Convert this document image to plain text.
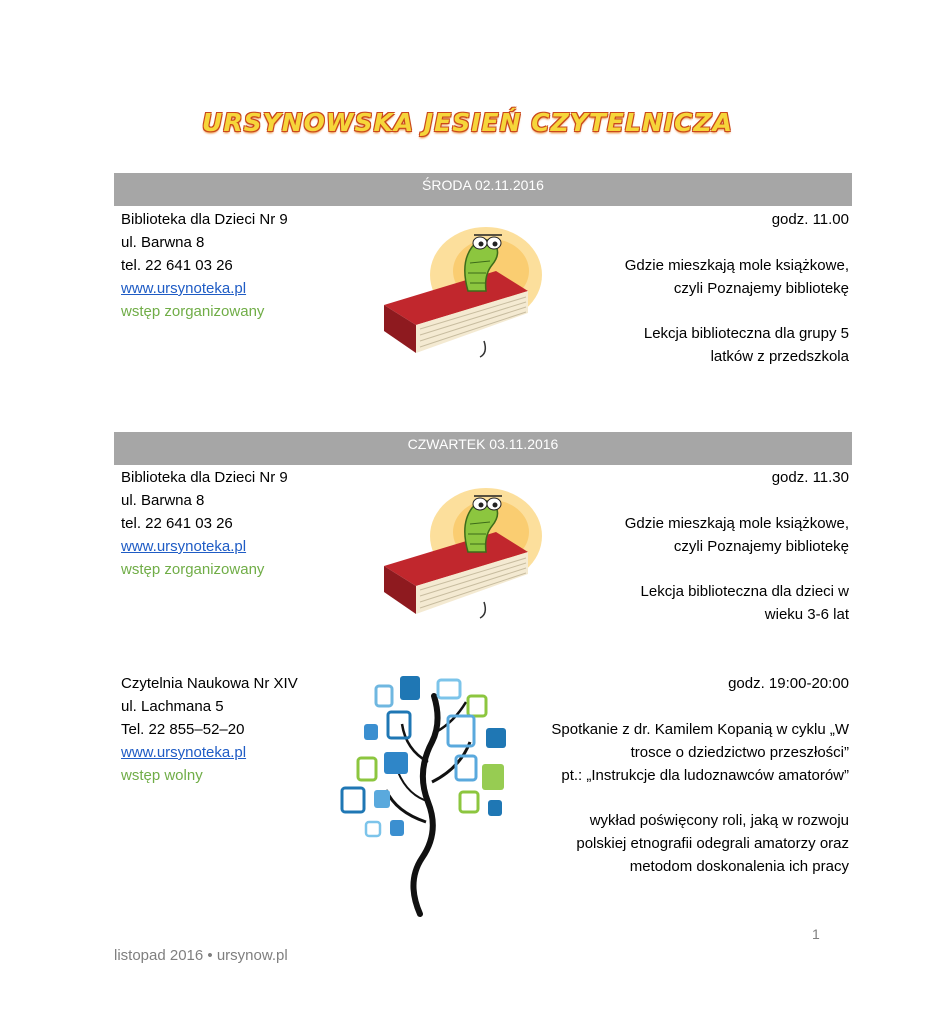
URSYNOWSKA JESIEŃ CZYTELNICZA
ŚRODA 02.11.2016
Biblioteka dla Dzieci Nr 9
ul. Barwna 8
tel. 22 641 03 26
www.ursynoteka.pl
wstęp zorganizowany
godz. 11.00
Gdzie mieszkają mole książkowe,
czyli Poznajemy bibliotekę
Lekcja biblioteczna dla grupy 5
latków z przedszkola
CZWARTEK 03.11.2016
Biblioteka dla Dzieci Nr 9
ul. Barwna 8
tel. 22 641 03 26
www.ursynoteka.pl
wstęp zorganizowany
godz. 11.30
Gdzie mieszkają mole książkowe,
czyli Poznajemy bibliotekę
Lekcja biblioteczna dla dzieci w
wieku 3-6 lat
Czytelnia Naukowa Nr XIV
ul. Lachmana 5
Tel. 22 855–52–20
www.ursynoteka.pl
wstęp wolny
godz. 19:00-20:00
Spotkanie z dr. Kamilem Kopanią w cyklu „W
trosce o dziedzictwo przeszłości”
pt.: „Instrukcje dla ludoznawców amatorów”
wykład poświęcony roli, jaką w rozwoju
polskiej etnografii odegrali amatorzy oraz
metodom doskonalenia ich pracy
1
listopad 2016 • ursynow.pl
